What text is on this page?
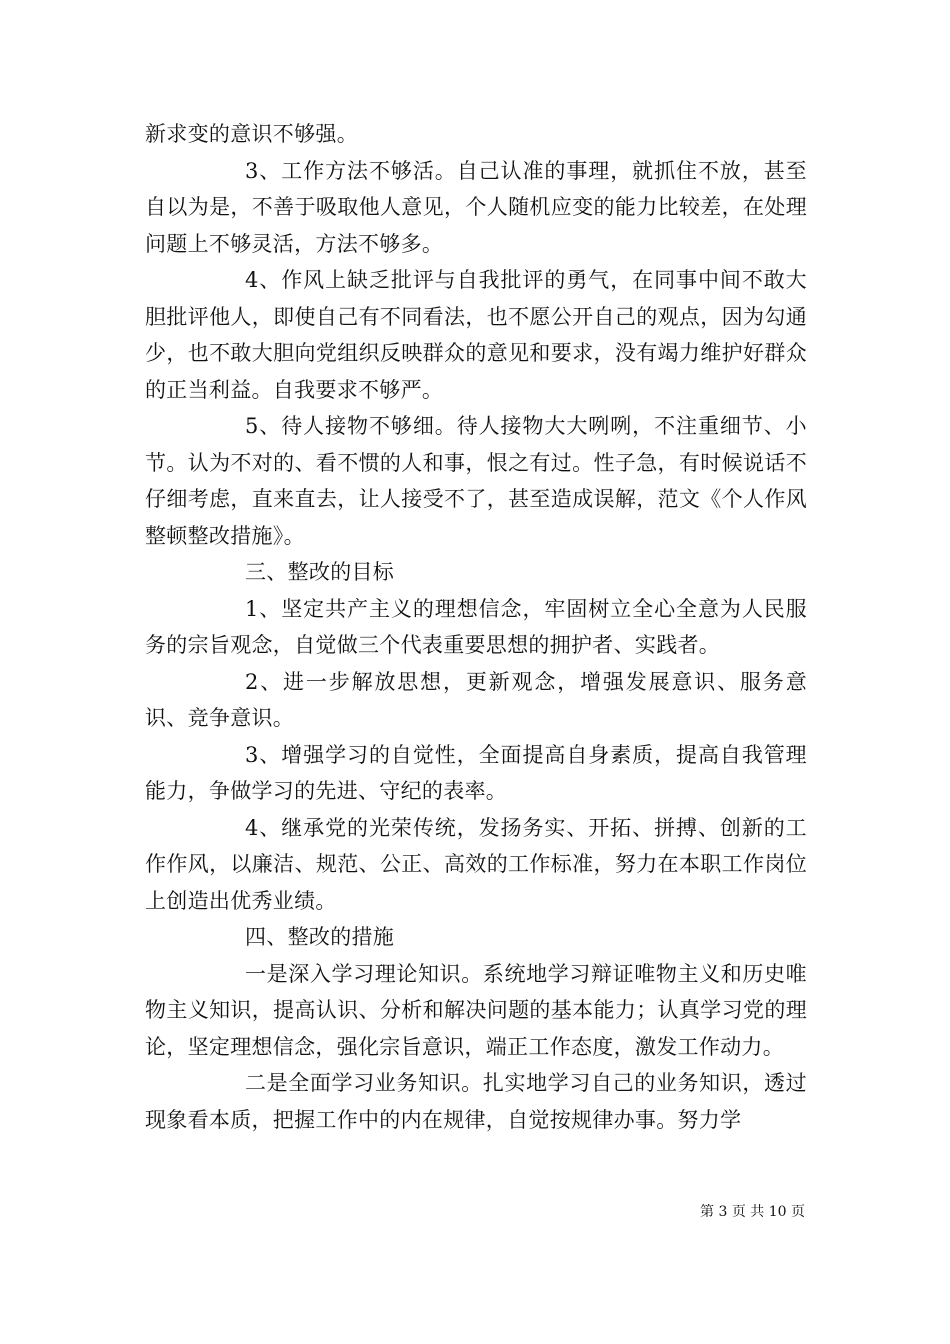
新求变的意识不够强。

3、工作方法不够活。自己认准的事理，就抓住不放，甚至自以为是，不善于吸取他人意见，个人随机应变的能力比较差，在处理问题上不够灵活，方法不够多。

4、作风上缺乏批评与自我批评的勇气，在同事中间不敢大胆批评他人，即使自己有不同看法，也不愿公开自己的观点，因为勾通少，也不敢大胆向党组织反映群众的意见和要求，没有竭力维护好群众的正当利益。自我要求不够严。

5、待人接物不够细。待人接物大大咧咧，不注重细节、小节。认为不对的、看不惯的人和事，恨之有过。性子急，有时候说话不仔细考虑，直来直去，让人接受不了，甚至造成误解，范文《个人作风整顿整改措施》。

三、整改的目标

1、坚定共产主义的理想信念，牢固树立全心全意为人民服务的宗旨观念，自觉做三个代表重要思想的拥护者、实践者。

2、进一步解放思想，更新观念，增强发展意识、服务意识、竞争意识。

3、增强学习的自觉性，全面提高自身素质，提高自我管理能力，争做学习的先进、守纪的表率。

4、继承党的光荣传统，发扬务实、开拓、拼搏、创新的工作作风，以廉洁、规范、公正、高效的工作标准，努力在本职工作岗位上创造出优秀业绩。

四、整改的措施

一是深入学习理论知识。系统地学习辩证唯物主义和历史唯物主义知识，提高认识、分析和解决问题的基本能力；认真学习党的理论，坚定理想信念，强化宗旨意识，端正工作态度，激发工作动力。

二是全面学习业务知识。扎实地学习自己的业务知识，透过现象看本质，把握工作中的内在规律，自觉按规律办事。努力学

第 3 页 共 10 页
